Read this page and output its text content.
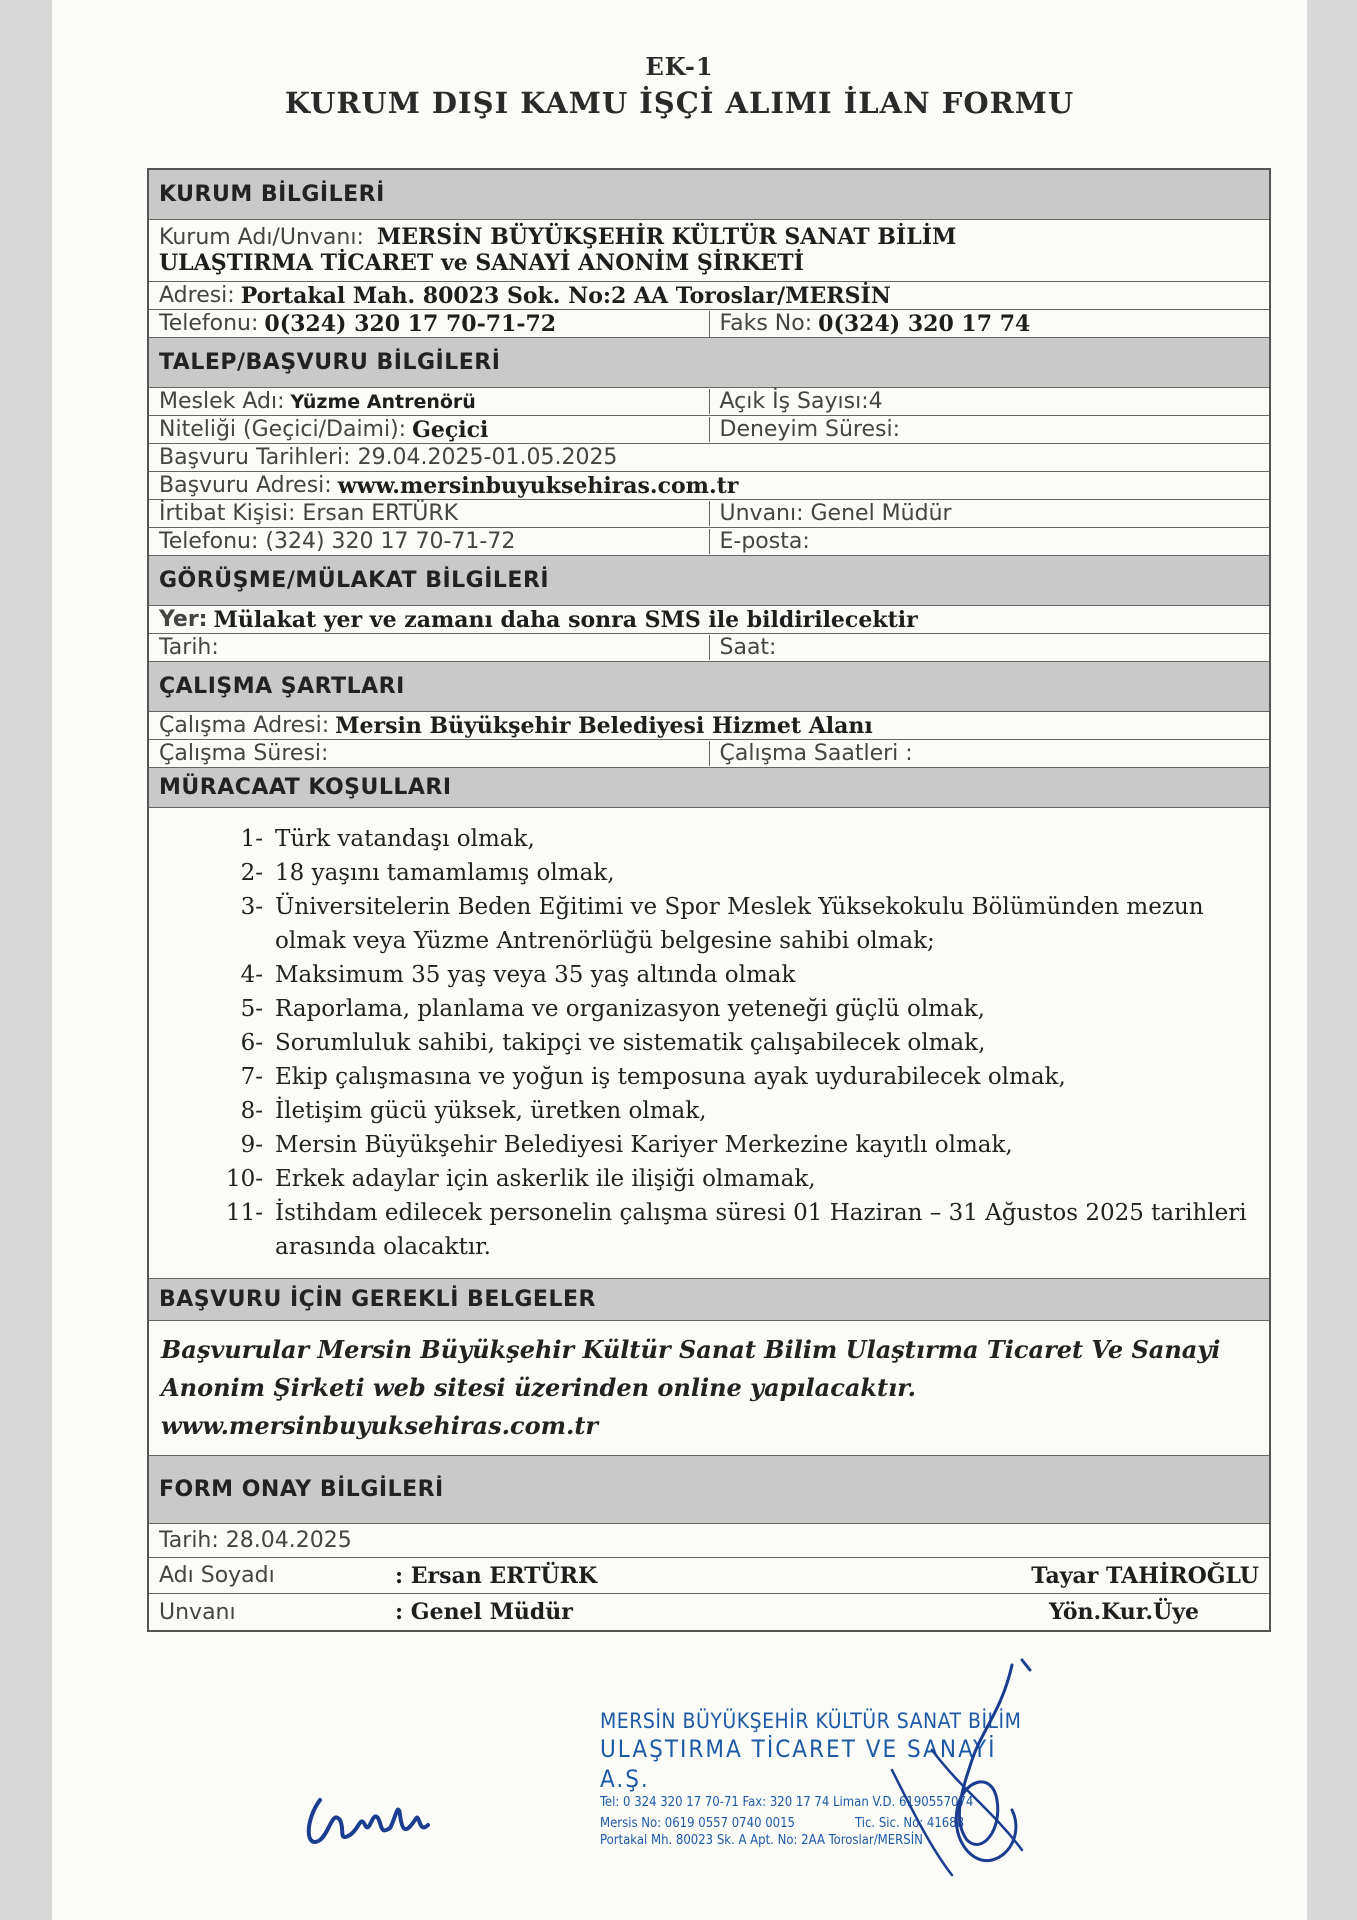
EK-1
KURUM DIŞI KAMU İŞÇİ ALIMI İLAN FORMU
KURUM BİLGİLERİ
Kurum Adı/Unvanı: MERSİN BÜYÜKŞEHİR KÜLTÜR SANAT BİLİM
ULAŞTIRMA TİCARET ve SANAYİ ANONİM ŞİRKETİ
Adresi: Portakal Mah. 80023 Sok. No:2 AA Toroslar/MERSİN
Telefonu: 0(324) 320 17 70-71-72	Faks No: 0(324) 320 17 74
TALEP/BAŞVURU BİLGİLERİ
Meslek Adı: Yüzme Antrenörü	Açık İş Sayısı:4
Niteliği (Geçici/Daimi): Geçici	Deneyim Süresi:
Başvuru Tarihleri: 29.04.2025-01.05.2025
Başvuru Adresi: www.mersinbuyuksehiras.com.tr
İrtibat Kişisi: Ersan ERTÜRK	Unvanı: Genel Müdür
Telefonu: (324) 320 17 70-71-72	E-posta:
GÖRÜŞME/MÜLAKAT BİLGİLERİ
Yer: Mülakat yer ve zamanı daha sonra SMS ile bildirilecektir
Tarih:	Saat:
ÇALIŞMA ŞARTLARI
Çalışma Adresi: Mersin Büyükşehir Belediyesi Hizmet Alanı
Çalışma Süresi:	Çalışma Saatleri :
MÜRACAAT KOŞULLARI
1- Türk vatandaşı olmak,
2- 18 yaşını tamamlamış olmak,
3- Üniversitelerin Beden Eğitimi ve Spor Meslek Yüksekokulu Bölümünden mezun olmak veya Yüzme Antrenörlüğü belgesine sahibi olmak;
4- Maksimum 35 yaş veya 35 yaş altında olmak
5- Raporlama, planlama ve organizasyon yeteneği güçlü olmak,
6- Sorumluluk sahibi, takipçi ve sistematik çalışabilecek olmak,
7- Ekip çalışmasına ve yoğun iş temposuna ayak uydurabilecek olmak,
8- İletişim gücü yüksek, üretken olmak,
9- Mersin Büyükşehir Belediyesi Kariyer Merkezine kayıtlı olmak,
10- Erkek adaylar için askerlik ile ilişiği olmamak,
11- İstihdam edilecek personelin çalışma süresi 01 Haziran – 31 Ağustos 2025 tarihleri arasında olacaktır.
BAŞVURU İÇİN GEREKLİ BELGELER
Başvurular Mersin Büyükşehir Kültür Sanat Bilim Ulaştırma Ticaret Ve Sanayi
Anonim Şirketi web sitesi üzerinden online yapılacaktır.
www.mersinbuyuksehiras.com.tr
FORM ONAY BİLGİLERİ
Tarih: 28.04.2025
Adı Soyadı	: Ersan ERTÜRK	Tayar TAHİROĞLU
Unvanı	: Genel Müdür	Yön.Kur.Üye
MERSİN BÜYÜKŞEHİR KÜLTÜR SANAT BİLİM
ULAŞTIRMA TİCARET VE SANAYİ A.Ş.
Tel: 0 324 320 17 70-71 Fax: 320 17 74 Liman V.D. 6190557074
Mersis No: 0619 0557 0740 0015	Tic. Sic. No: 41688
Portakal Mh. 80023 Sk. A Apt. No: 2AA Toroslar/MERSİN
